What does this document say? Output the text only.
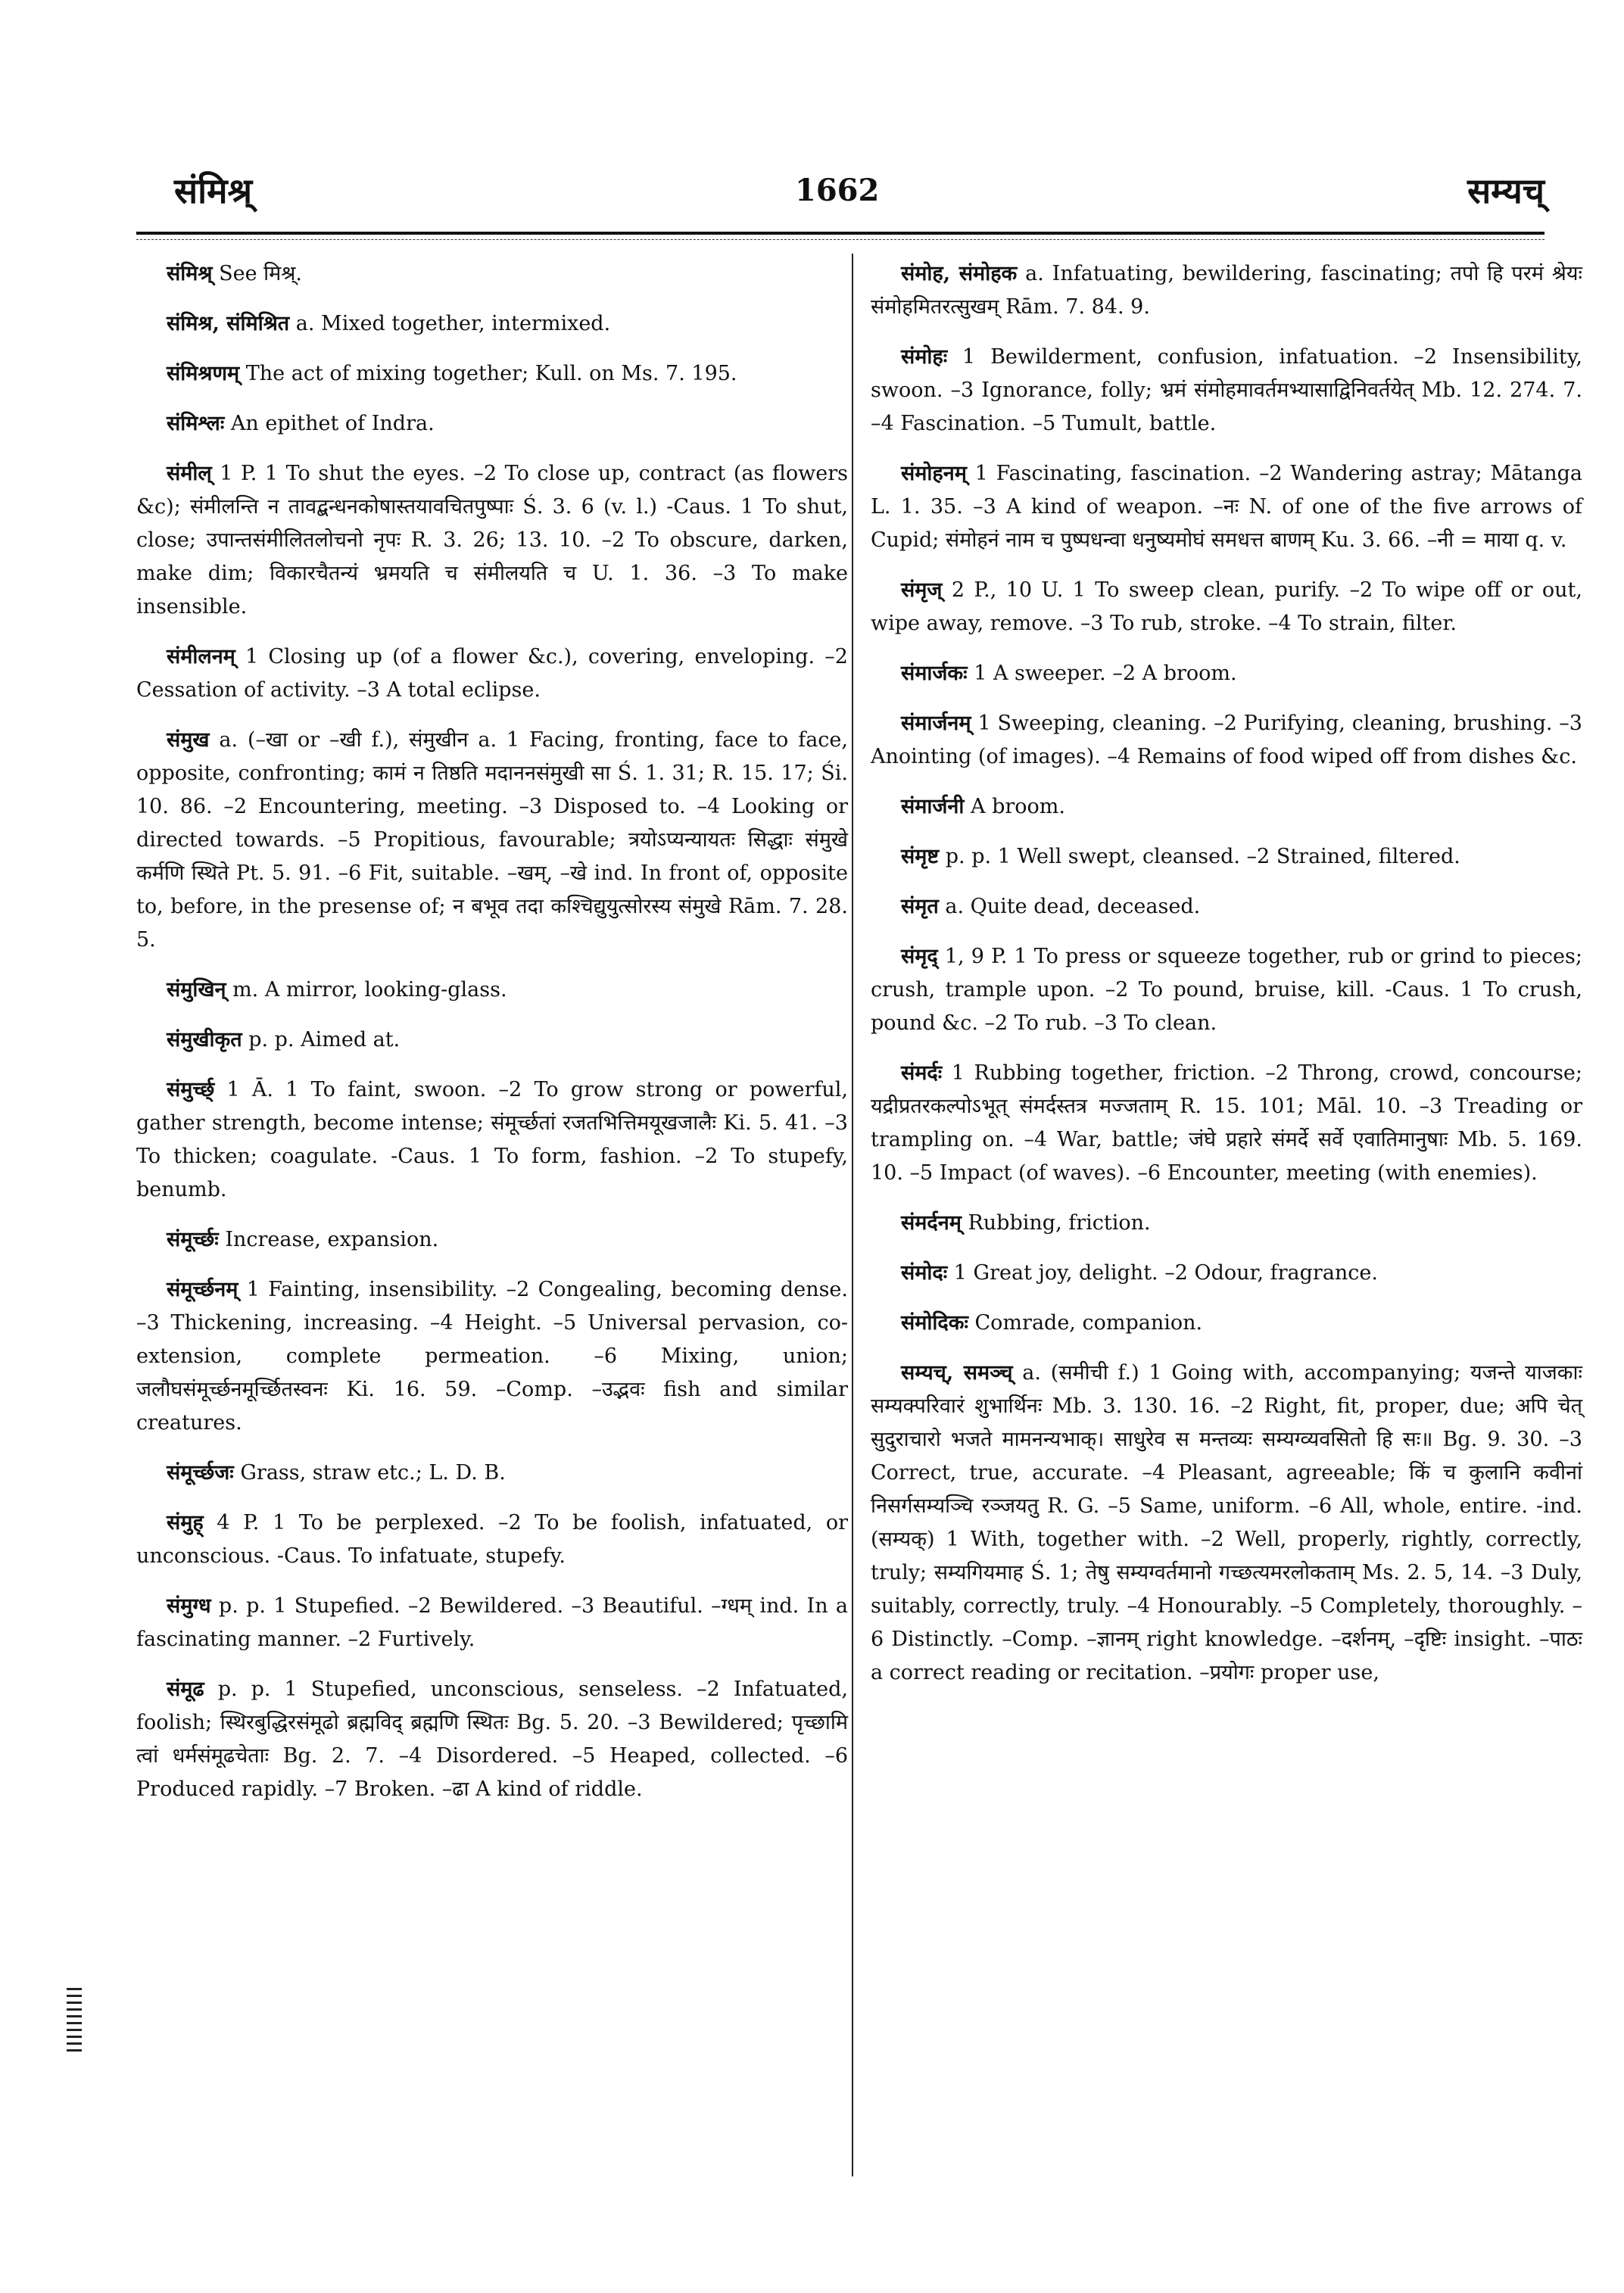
संमिश्र्	1662	सम्यच्

संमिश्र् See मिश्र्.

संमिश्र, संमिश्रित a. Mixed together, intermixed.

संमिश्रणम् The act of mixing together; Kull. on Ms. 7. 195.

संमिश्लः An epithet of Indra.

संमील् 1 P. 1 To shut the eyes. –2 To close up, contract (as flowers &c); संमीलन्ति न तावद्बन्धनकोषास्तयावचितपुष्पाः Ś. 3. 6 (v. l.) -Caus. 1 To shut, close; उपान्तसंमीलितलोचनो नृपः R. 3. 26; 13. 10. –2 To obscure, darken, make dim; विकारचैतन्यं भ्रमयति च संमीलयति च U. 1. 36. –3 To make insensible.

संमीलनम् 1 Closing up (of a flower &c.), covering, enveloping. –2 Cessation of activity. –3 A total eclipse.

संमुख a. (–खा or –खी f.), संमुखीन a. 1 Facing, fronting, face to face, opposite, confronting; कामं न तिष्ठति मदाननसंमुखी सा Ś. 1. 31; R. 15. 17; Śi. 10. 86. –2 Encountering, meeting. –3 Disposed to. –4 Looking or directed towards. –5 Propitious, favourable; त्रयोऽप्यन्यायतः सिद्धाः संमुखे कर्मणि स्थिते Pt. 5. 91. –6 Fit, suitable. –खम्, –खे ind. In front of, opposite to, before, in the presense of; न बभूव तदा कश्चिद्युयुत्सोरस्य संमुखे Rām. 7. 28. 5.

संमुखिन् m. A mirror, looking-glass.

संमुखीकृत p. p. Aimed at.

संमुर्च्छ् 1 Ā. 1 To faint, swoon. –2 To grow strong or powerful, gather strength, become intense; संमूर्च्छतां रजतभित्तिमयूखजालैः Ki. 5. 41. –3 To thicken; coagulate. -Caus. 1 To form, fashion. –2 To stupefy, benumb.

संमूर्च्छः Increase, expansion.

संमूर्च्छनम् 1 Fainting, insensibility. –2 Congealing, becoming dense. –3 Thickening, increasing. –4 Height. –5 Universal pervasion, co-extension, complete permeation. –6 Mixing, union; जलौघसंमूर्च्छनमूर्च्छितस्वनः Ki. 16. 59. –Comp. –उद्भवः fish and similar creatures.

संमूर्च्छजः Grass, straw etc.; L. D. B.

संमुह् 4 P. 1 To be perplexed. –2 To be foolish, infatuated, or unconscious. -Caus. To infatuate, stupefy.

संमुग्ध p. p. 1 Stupefied. –2 Bewildered. –3 Beautiful. –ग्धम् ind. In a fascinating manner. –2 Furtively.

संमूढ p. p. 1 Stupefied, unconscious, senseless. –2 Infatuated, foolish; स्थिरबुद्धिरसंमूढो ब्रह्मविद् ब्रह्मणि स्थितः Bg. 5. 20. –3 Bewildered; पृच्छामि त्वां धर्मसंमूढचेताः Bg. 2. 7. –4 Disordered. –5 Heaped, collected. –6 Produced rapidly. –7 Broken. –ढा A kind of riddle.

संमोह, संमोहक a. Infatuating, bewildering, fascinating; तपो हि परमं श्रेयः संमोहमितरत्सुखम् Rām. 7. 84. 9.

संमोहः 1 Bewilderment, confusion, infatuation. –2 Insensibility, swoon. –3 Ignorance, folly; भ्रमं संमोहमावर्तमभ्यासाद्विनिवर्तयेत् Mb. 12. 274. 7. –4 Fascination. –5 Tumult, battle.

संमोहनम् 1 Fascinating, fascination. –2 Wandering astray; Mātanga L. 1. 35. –3 A kind of weapon. –नः N. of one of the five arrows of Cupid; संमोहनं नाम च पुष्पधन्वा धनुष्यमोघं समधत्त बाणम् Ku. 3. 66. –नी = माया q. v.

संमृज् 2 P., 10 U. 1 To sweep clean, purify. –2 To wipe off or out, wipe away, remove. –3 To rub, stroke. –4 To strain, filter.

संमार्जकः 1 A sweeper. –2 A broom.

संमार्जनम् 1 Sweeping, cleaning. –2 Purifying, cleaning, brushing. –3 Anointing (of images). –4 Remains of food wiped off from dishes &c.

संमार्जनी A broom.

संमृष्ट p. p. 1 Well swept, cleansed. –2 Strained, filtered.

संमृत a. Quite dead, deceased.

संमृद् 1, 9 P. 1 To press or squeeze together, rub or grind to pieces; crush, trample upon. –2 To pound, bruise, kill. -Caus. 1 To crush, pound &c. –2 To rub. –3 To clean.

संमर्दः 1 Rubbing together, friction. –2 Throng, crowd, concourse; यद्रीप्रतरकल्पोऽभूत् संमर्दस्तत्र मज्जताम् R. 15. 101; Māl. 10. –3 Treading or trampling on. –4 War, battle; जंघे प्रहारे संमर्दे सर्वे एवातिमानुषाः Mb. 5. 169. 10. –5 Impact (of waves). –6 Encounter, meeting (with enemies).

संमर्दनम् Rubbing, friction.

संमोदः 1 Great joy, delight. –2 Odour, fragrance.

संमोदिकः Comrade, companion.

सम्यच्, समञ्च् a. (समीची f.) 1 Going with, accompanying; यजन्ते याजकाः सम्यक्परिवारं शुभार्थिनः Mb. 3. 130. 16. –2 Right, fit, proper, due; अपि चेत् सुदुराचारो भजते मामनन्यभाक्। साधुरेव स मन्तव्यः सम्यग्व्यवसितो हि सः॥ Bg. 9. 30. –3 Correct, true, accurate. –4 Pleasant, agreeable; किं च कुलानि कवीनां निसर्गसम्यञ्चि रञ्जयतु R. G. –5 Same, uniform. –6 All, whole, entire. -ind. (सम्यक्) 1 With, together with. –2 Well, properly, rightly, correctly, truly; सम्यगियमाह Ś. 1; तेषु सम्यग्वर्तमानो गच्छत्यमरलोकताम् Ms. 2. 5, 14. –3 Duly, suitably, correctly, truly. –4 Honourably. –5 Completely, thoroughly. –6 Distinctly. –Comp. –ज्ञानम् right knowledge. –दर्शनम्, –दृष्टिः insight. –पाठः a correct reading or recitation. –प्रयोगः proper use,
